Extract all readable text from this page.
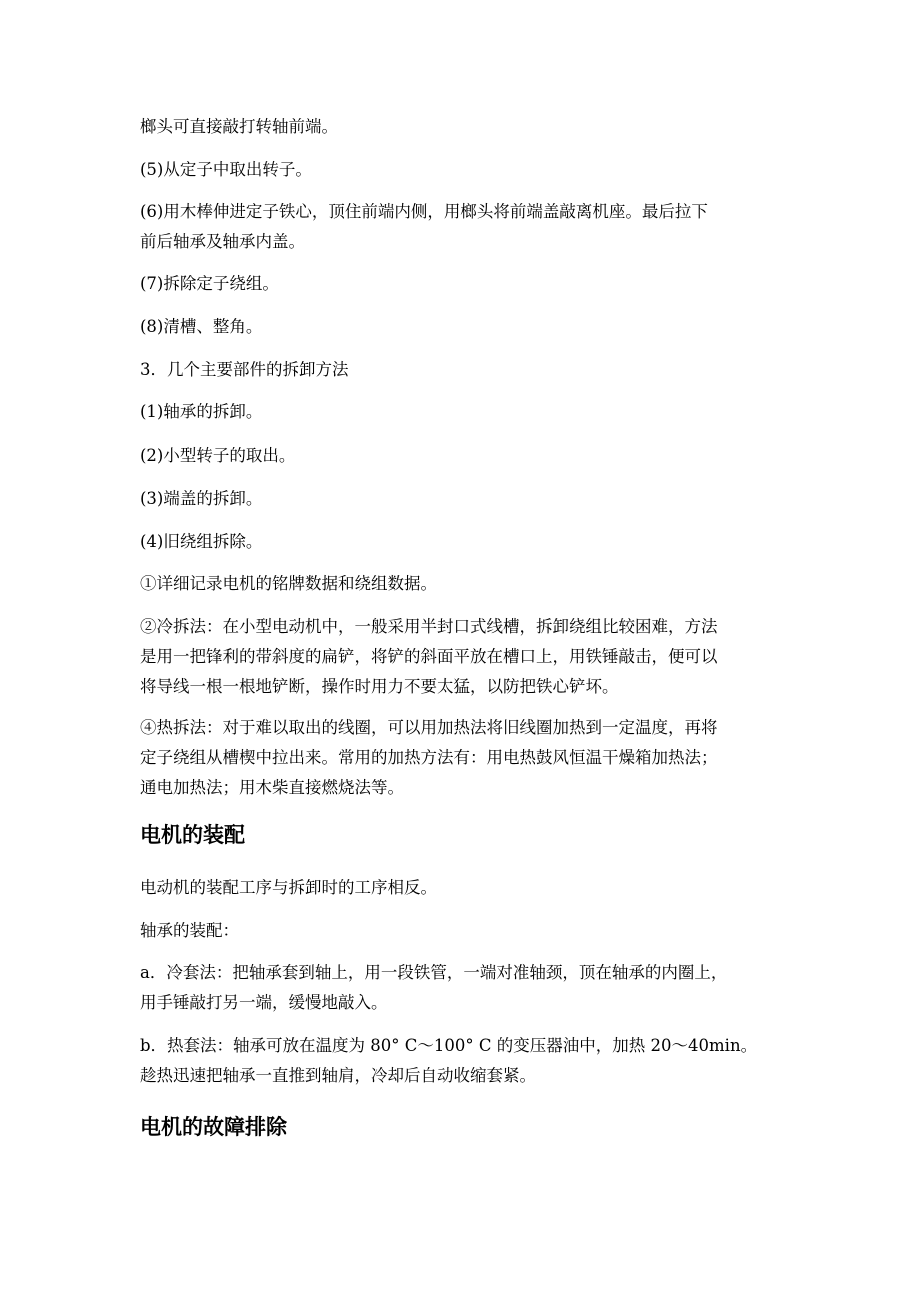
榔头可直接敲打转轴前端。

(5)从定子中取出转子。

(6)用木棒伸进定子铁心，顶住前端内侧，用榔头将前端盖敲离机座。最后拉下
前后轴承及轴承内盖。

(7)拆除定子绕组。

(8)清槽、整角。

3．几个主要部件的拆卸方法

(1)轴承的拆卸。

(2)小型转子的取出。

(3)端盖的拆卸。

(4)旧绕组拆除。

①详细记录电机的铭牌数据和绕组数据。

②冷拆法：在小型电动机中，一般采用半封口式线槽，拆卸绕组比较困难，方法
是用一把锋利的带斜度的扁铲，将铲的斜面平放在槽口上，用铁锤敲击，便可以
将导线一根一根地铲断，操作时用力不要太猛，以防把铁心铲坏。

④热拆法：对于难以取出的线圈，可以用加热法将旧线圈加热到一定温度，再将
定子绕组从槽楔中拉出来。常用的加热方法有：用电热鼓风恒温干燥箱加热法；
通电加热法；用木柴直接燃烧法等。

电机的装配

电动机的装配工序与拆卸时的工序相反。

轴承的装配：

a．冷套法：把轴承套到轴上，用一段铁管，一端对准轴颈，顶在轴承的内圈上，
用手锤敲打另一端，缓慢地敲入。

b．热套法：轴承可放在温度为 80° C～100° C 的变压器油中，加热 20～40min。
趁热迅速把轴承一直推到轴肩，冷却后自动收缩套紧。

电机的故障排除
